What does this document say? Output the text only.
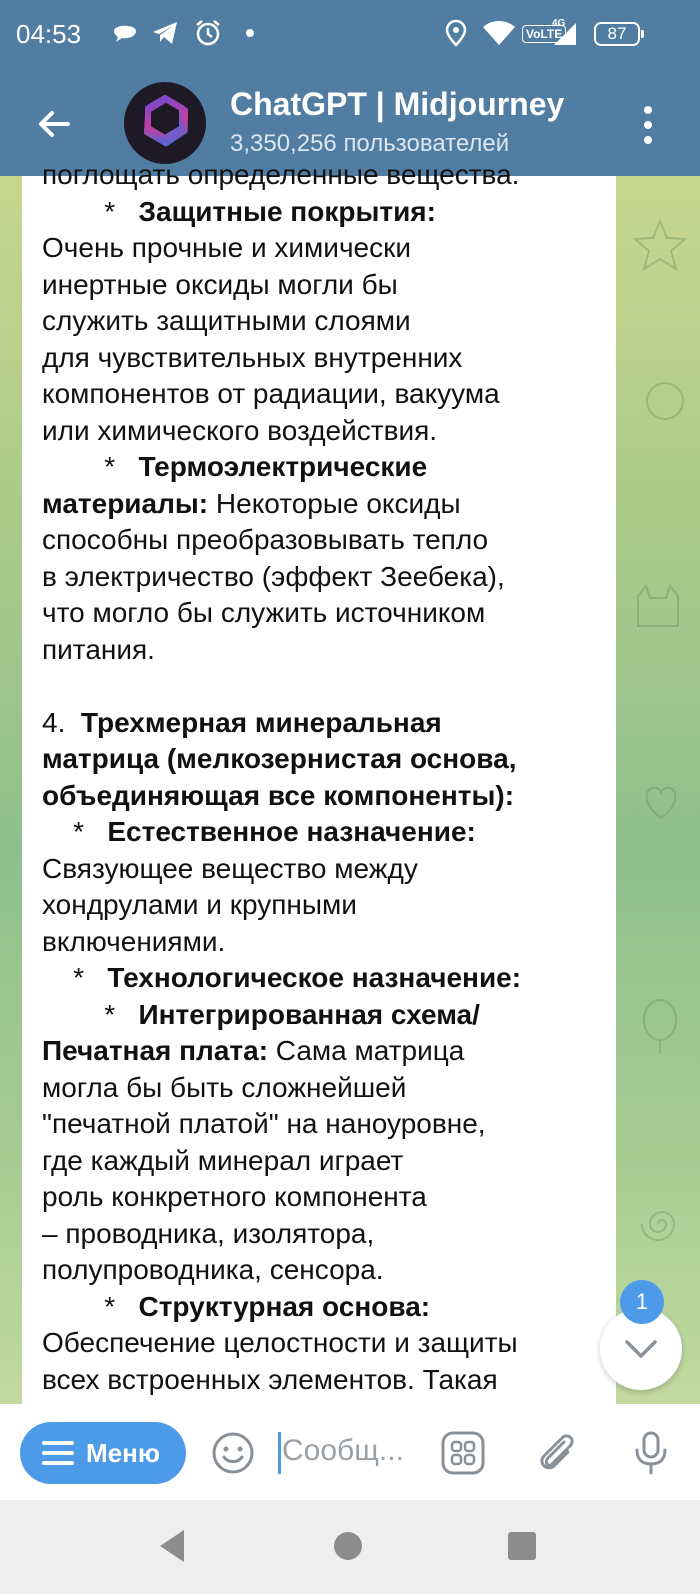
04:53	VoLTE
4G
87
ChatGPT | Midjourney
3,350,256 пользователей
поглощать определенные вещества.
*   Защитные покрытия:
Очень прочные и химически
инертные оксиды могли бы
служить защитными слоями
для чувствительных внутренних
компонентов от радиации, вакуума
или химического воздействия.
*   Термоэлектрические
материалы: Некоторые оксиды
способны преобразовывать тепло
в электричество (эффект Зеебека),
что могло бы служить источником
питания.
4.  Трехмерная минеральная
матрица (мелкозернистая основа,
объединяющая все компоненты):
*   Естественное назначение:
Связующее вещество между
хондрулами и крупными
включениями.
*   Технологическое назначение:
*   Интегрированная схема/
Печатная плата: Сама матрица
могла бы быть сложнейшей
"печатной платой" на наноуровне,
где каждый минерал играет
роль конкретного компонента
– проводника, изолятора,
полупроводника, сенсора.
*   Структурная основа:
Обеспечение целостности и защиты
всех встроенных элементов. Такая
1
Меню	Сообщ...
